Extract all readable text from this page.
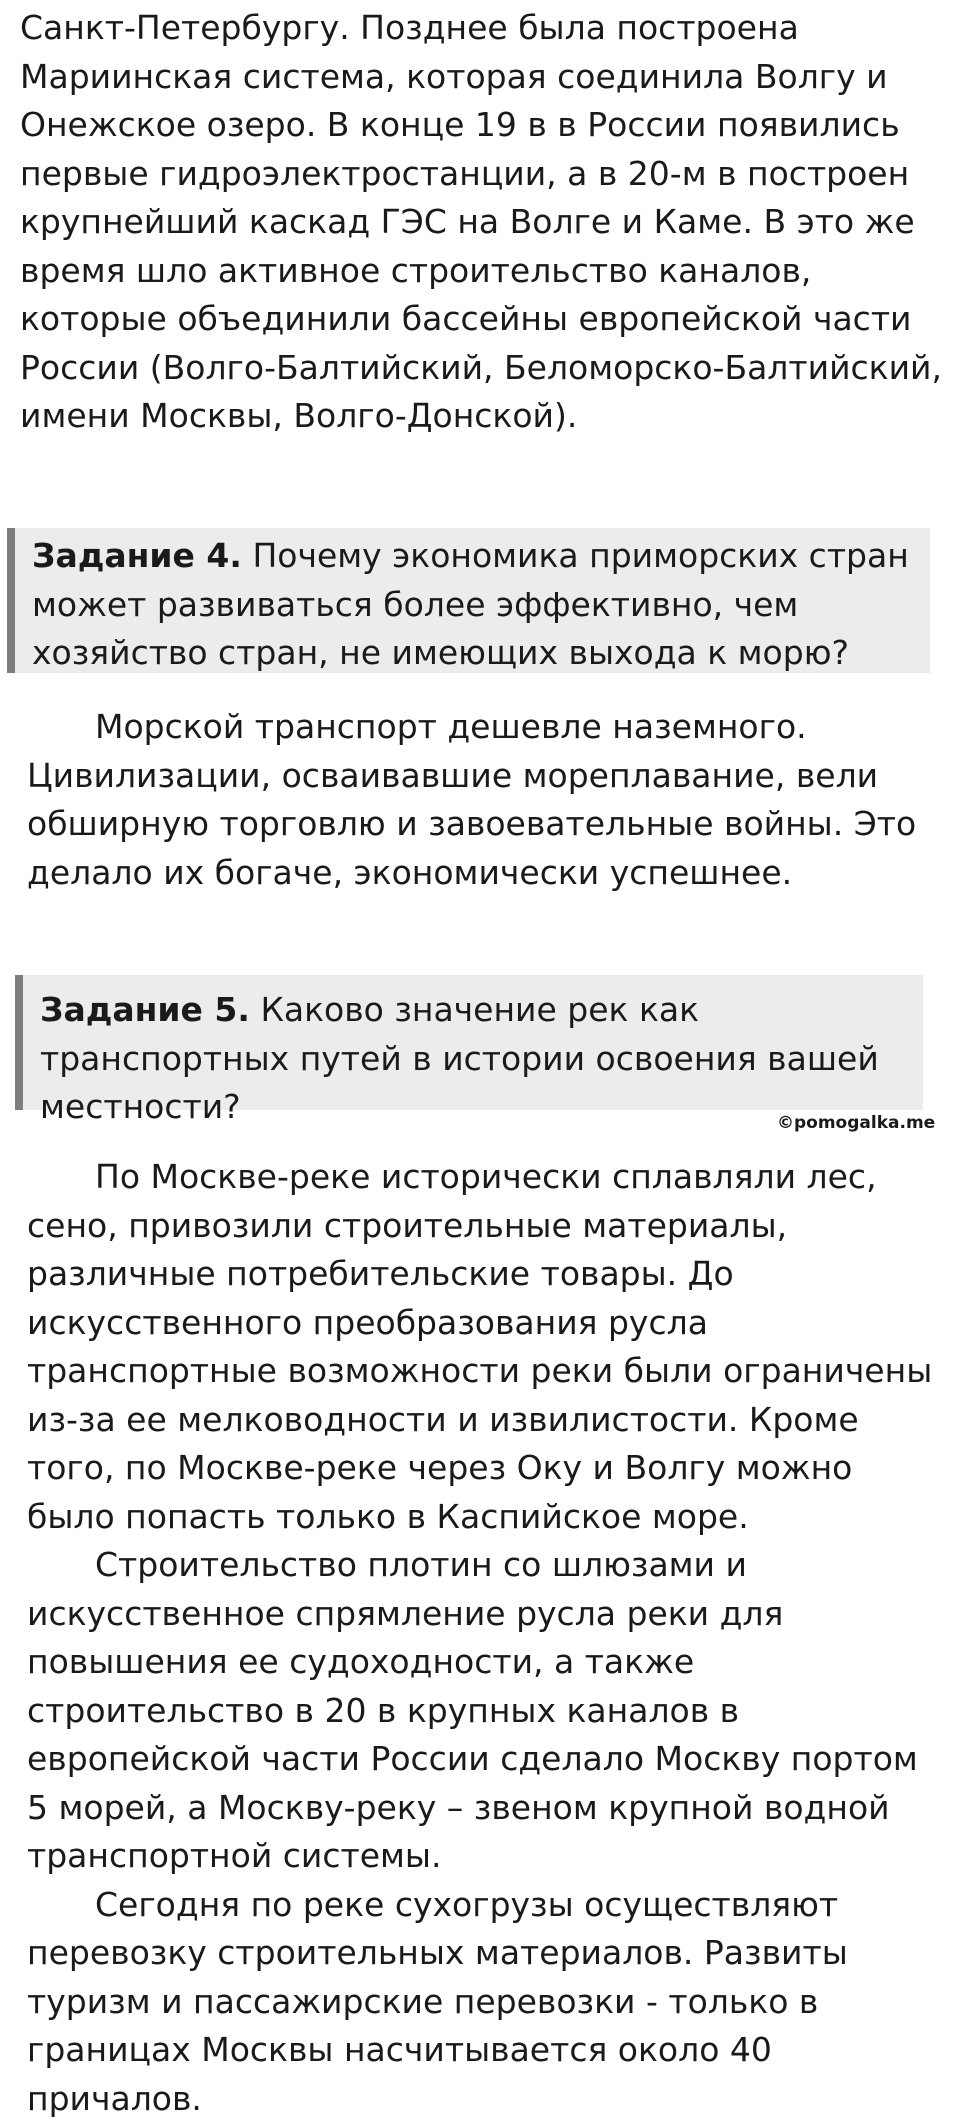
Санкт-Петербургу. Позднее была построена Мариинская система, которая соединила Волгу и Онежское озеро. В конце 19 в в России появились первые гидроэлектростанции, а в 20-м в построен крупнейший каскад ГЭС на Волге и Каме. В это же время шло активное строительство каналов, которые объединили бассейны европейской части России (Волго-Балтийский, Беломорско-Балтийский, имени Москвы, Волго-Донской).

Задание 4. Почему экономика приморских стран может развиваться более эффективно, чем хозяйство стран, не имеющих выхода к морю?

Морской транспорт дешевле наземного. Цивилизации, осваивавшие мореплавание, вели обширную торговлю и завоевательные войны. Это делало их богаче, экономически успешнее.

Задание 5. Каково значение рек как транспортных путей в истории освоения вашей местности?	©pomogalka.me

По Москве-реке исторически сплавляли лес, сено, привозили строительные материалы, различные потребительские товары. До искусственного преобразования русла транспортные возможности реки были ограничены из-за ее мелководности и извилистости. Кроме того, по Москве-реке через Оку и Волгу можно было попасть только в Каспийское море.

Строительство плотин со шлюзами и искусственное спрямление русла реки для повышения ее судоходности, а также строительство в 20 в крупных каналов в европейской части России сделало Москву портом 5 морей, а Москву-реку – звеном крупной водной транспортной системы.

Сегодня по реке сухогрузы осуществляют перевозку строительных материалов. Развиты туризм и пассажирские перевозки - только в границах Москвы насчитывается около 40 причалов.
